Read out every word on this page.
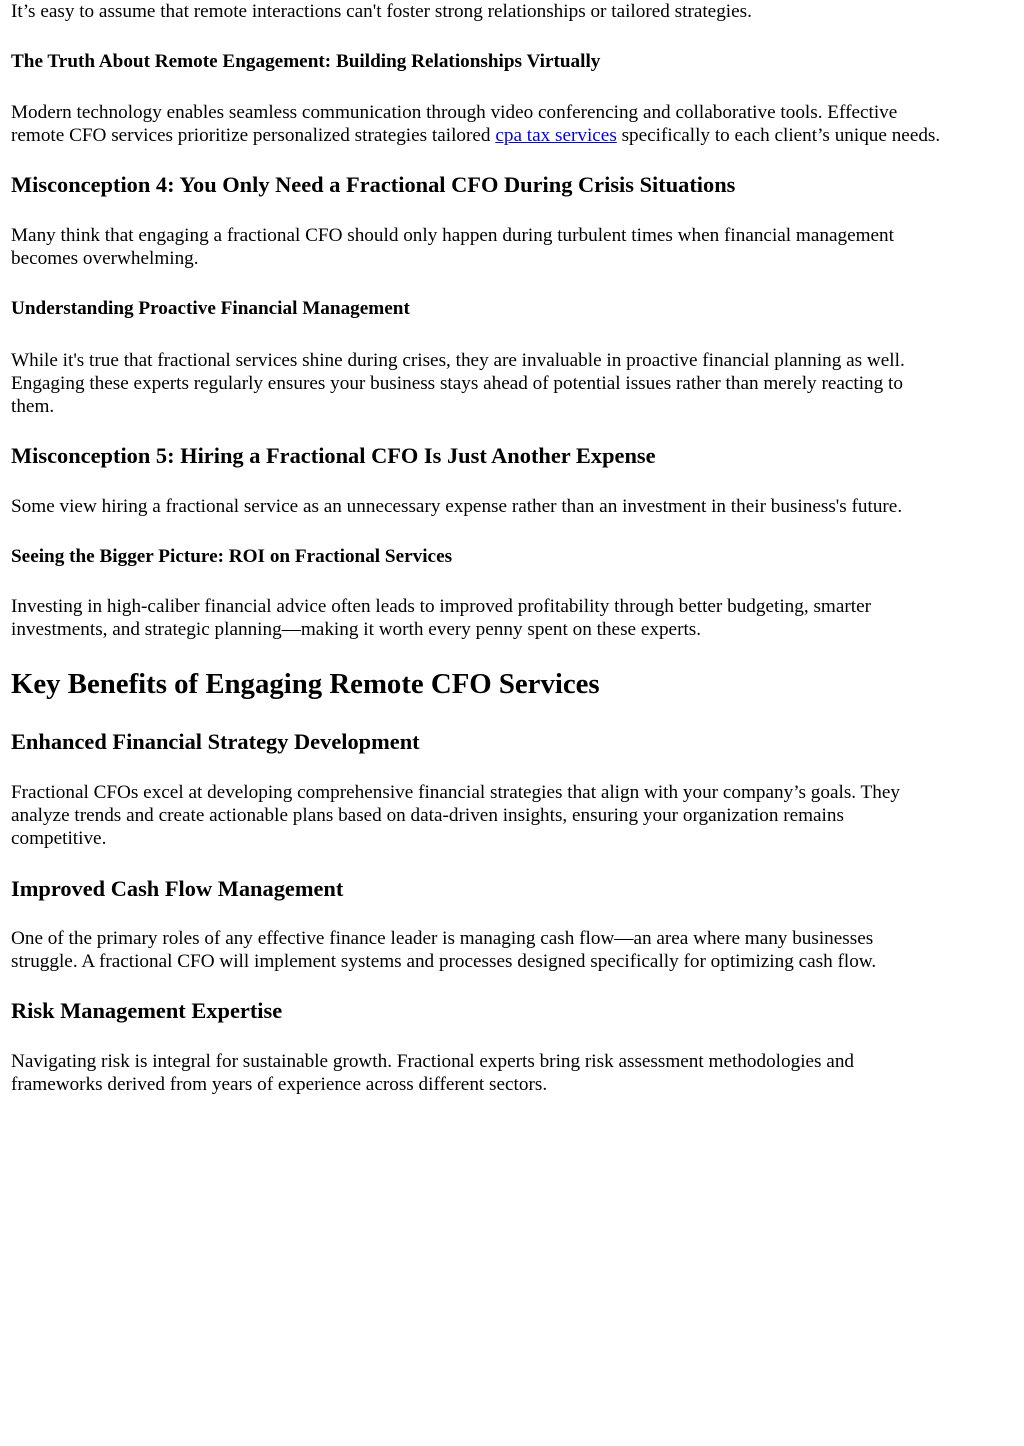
It’s easy to assume that remote interactions can't foster strong relationships or tailored strategies.

The Truth About Remote Engagement: Building Relationships Virtually

Modern technology enables seamless communication through video conferencing and collaborative tools. Effective
remote CFO services prioritize personalized strategies tailored cpa tax services specifically to each client’s unique needs.

Misconception 4: You Only Need a Fractional CFO During Crisis Situations

Many think that engaging a fractional CFO should only happen during turbulent times when financial management
becomes overwhelming.

Understanding Proactive Financial Management

While it's true that fractional services shine during crises, they are invaluable in proactive financial planning as well.
Engaging these experts regularly ensures your business stays ahead of potential issues rather than merely reacting to
them.

Misconception 5: Hiring a Fractional CFO Is Just Another Expense

Some view hiring a fractional service as an unnecessary expense rather than an investment in their business's future.

Seeing the Bigger Picture: ROI on Fractional Services

Investing in high-caliber financial advice often leads to improved profitability through better budgeting, smarter
investments, and strategic planning—making it worth every penny spent on these experts.

Key Benefits of Engaging Remote CFO Services
Enhanced Financial Strategy Development

Fractional CFOs excel at developing comprehensive financial strategies that align with your company’s goals. They
analyze trends and create actionable plans based on data-driven insights, ensuring your organization remains
competitive.

Improved Cash Flow Management

One of the primary roles of any effective finance leader is managing cash flow—an area where many businesses
struggle. A fractional CFO will implement systems and processes designed specifically for optimizing cash flow.

Risk Management Expertise

Navigating risk is integral for sustainable growth. Fractional experts bring risk assessment methodologies and
frameworks derived from years of experience across different sectors.
